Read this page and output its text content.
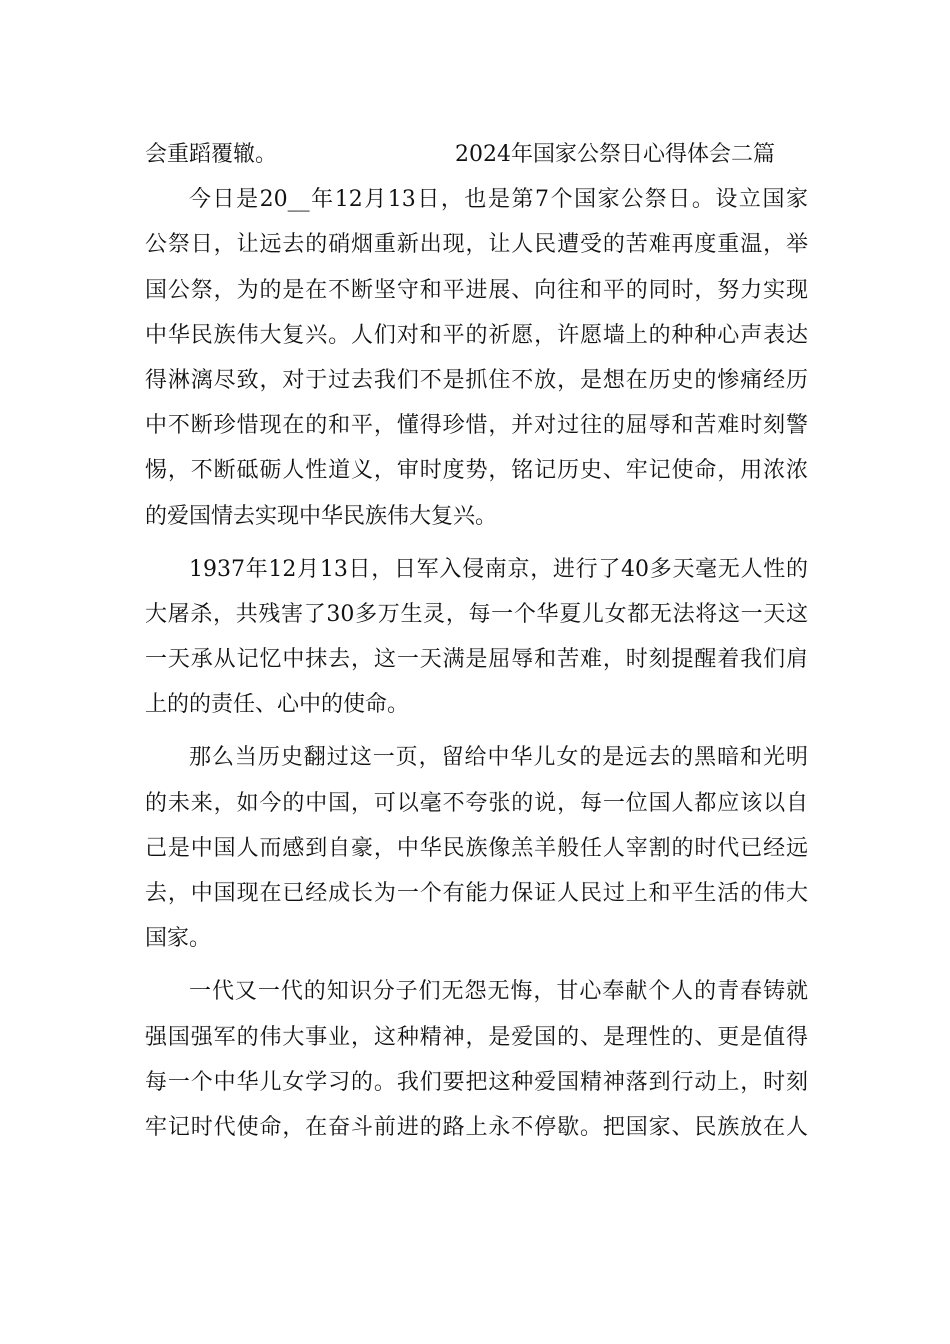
会重蹈覆辙。	2024年国家公祭日心得体会二篇
今日是20__年12月13日，也是第7个国家公祭日。设立国家
公祭日，让远去的硝烟重新出现，让人民遭受的苦难再度重温，举
国公祭，为的是在不断坚守和平进展、向往和平的同时，努力实现
中华民族伟大复兴。人们对和平的祈愿，许愿墙上的种种心声表达
得淋漓尽致，对于过去我们不是抓住不放，是想在历史的惨痛经历
中不断珍惜现在的和平，懂得珍惜，并对过往的屈辱和苦难时刻警
惕，不断砥砺人性道义，审时度势，铭记历史、牢记使命，用浓浓
的爱国情去实现中华民族伟大复兴。
1937年12月13日，日军入侵南京，进行了40多天毫无人性的
大屠杀，共残害了30多万生灵，每一个华夏儿女都无法将这一天这
一天承从记忆中抹去，这一天满是屈辱和苦难，时刻提醒着我们肩
上的的责任、心中的使命。
那么当历史翻过这一页，留给中华儿女的是远去的黑暗和光明
的未来，如今的中国，可以毫不夸张的说，每一位国人都应该以自
己是中国人而感到自豪，中华民族像羔羊般任人宰割的时代已经远
去，中国现在已经成长为一个有能力保证人民过上和平生活的伟大
国家。
一代又一代的知识分子们无怨无悔，甘心奉献个人的青春铸就
强国强军的伟大事业，这种精神，是爱国的、是理性的、更是值得
每一个中华儿女学习的。我们要把这种爱国精神落到行动上，时刻
牢记时代使命，在奋斗前进的路上永不停歇。把国家、民族放在人
